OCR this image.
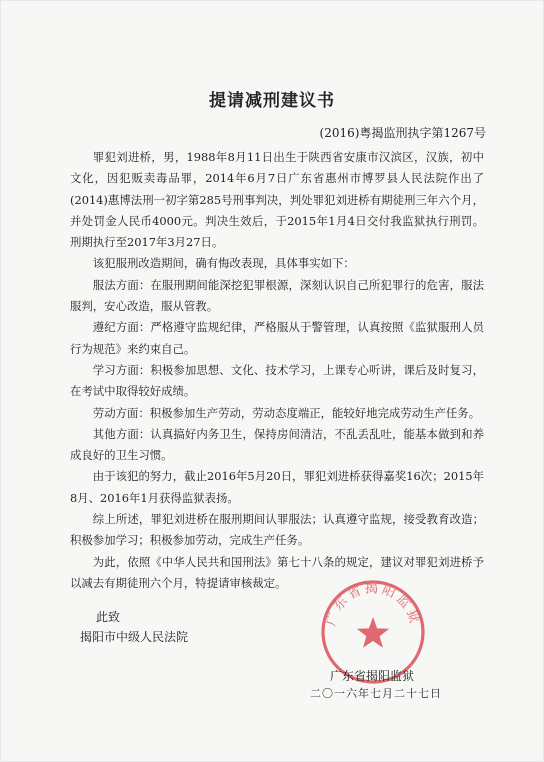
提请减刑建议书
(2016)粤揭监刑执字第1267号

罪犯刘进桥，男，1988年8月11日出生于陕西省安康市汉滨区，汉族，初中文化，因犯贩卖毒品罪，2014年6月7日广东省惠州市博罗县人民法院作出了(2014)惠博法刑一初字第285号刑事判决，判处罪犯刘进桥有期徒刑三年六个月，并处罚金人民币4000元。判决生效后，于2015年1月4日交付我监狱执行刑罚。刑期执行至2017年3月27日。

该犯服刑改造期间，确有悔改表现，具体事实如下：

服法方面：在服刑期间能深挖犯罪根源，深刻认识自己所犯罪行的危害，服法服判，安心改造，服从管教。

遵纪方面：严格遵守监规纪律，严格服从于警管理，认真按照《监狱服刑人员行为规范》来约束自己。

学习方面：积极参加思想、文化、技术学习，上课专心听讲，课后及时复习，在考试中取得较好成绩。

劳动方面：积极参加生产劳动，劳动态度端正，能较好地完成劳动生产任务。

其他方面：认真搞好内务卫生，保持房间清洁，不乱丢乱吐，能基本做到和养成良好的卫生习惯。

由于该犯的努力，截止2016年5月20日，罪犯刘进桥获得嘉奖16次；2015年8月、2016年1月获得监狱表扬。

综上所述，罪犯刘进桥在服刑期间认罪服法；认真遵守监规，接受教育改造；积极参加学习；积极参加劳动，完成生产任务。

为此，依照《中华人民共和国刑法》第七十八条的规定，建议对罪犯刘进桥予以减去有期徒刑六个月，特提请审核裁定。

此致
揭阳市中级人民法院
广东省揭阳监狱
广东省揭阳监狱
二〇一六年七月二十七日
